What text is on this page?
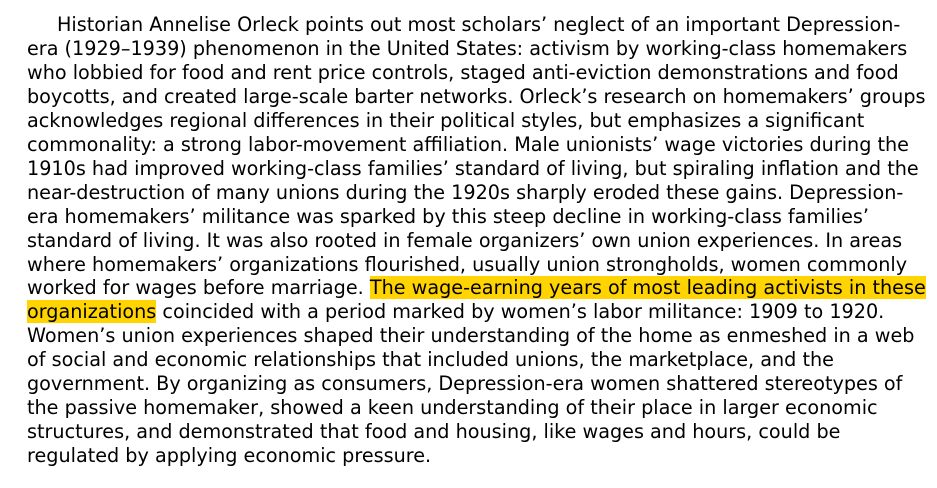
Historian Annelise Orleck points out most scholars’ neglect of an important Depression-era (1929–1939) phenomenon in the United States: activism by working-class homemakers who lobbied for food and rent price controls, staged anti-eviction demonstrations and food boycotts, and created large-scale barter networks. Orleck’s research on homemakers’ groups acknowledges regional differences in their political styles, but emphasizes a significant commonality: a strong labor-movement affiliation. Male unionists’ wage victories during the 1910s had improved working-class families’ standard of living, but spiraling inflation and the near-destruction of many unions during the 1920s sharply eroded these gains. Depression-era homemakers’ militance was sparked by this steep decline in working-class families’ standard of living. It was also rooted in female organizers’ own union experiences. In areas where homemakers’ organizations flourished, usually union strongholds, women commonly worked for wages before marriage. The wage-earning years of most leading activists in these organizations coincided with a period marked by women’s labor militance: 1909 to 1920. Women’s union experiences shaped their understanding of the home as enmeshed in a web of social and economic relationships that included unions, the marketplace, and the government. By organizing as consumers, Depression-era women shattered stereotypes of the passive homemaker, showed a keen understanding of their place in larger economic structures, and demonstrated that food and housing, like wages and hours, could be regulated by applying economic pressure.
